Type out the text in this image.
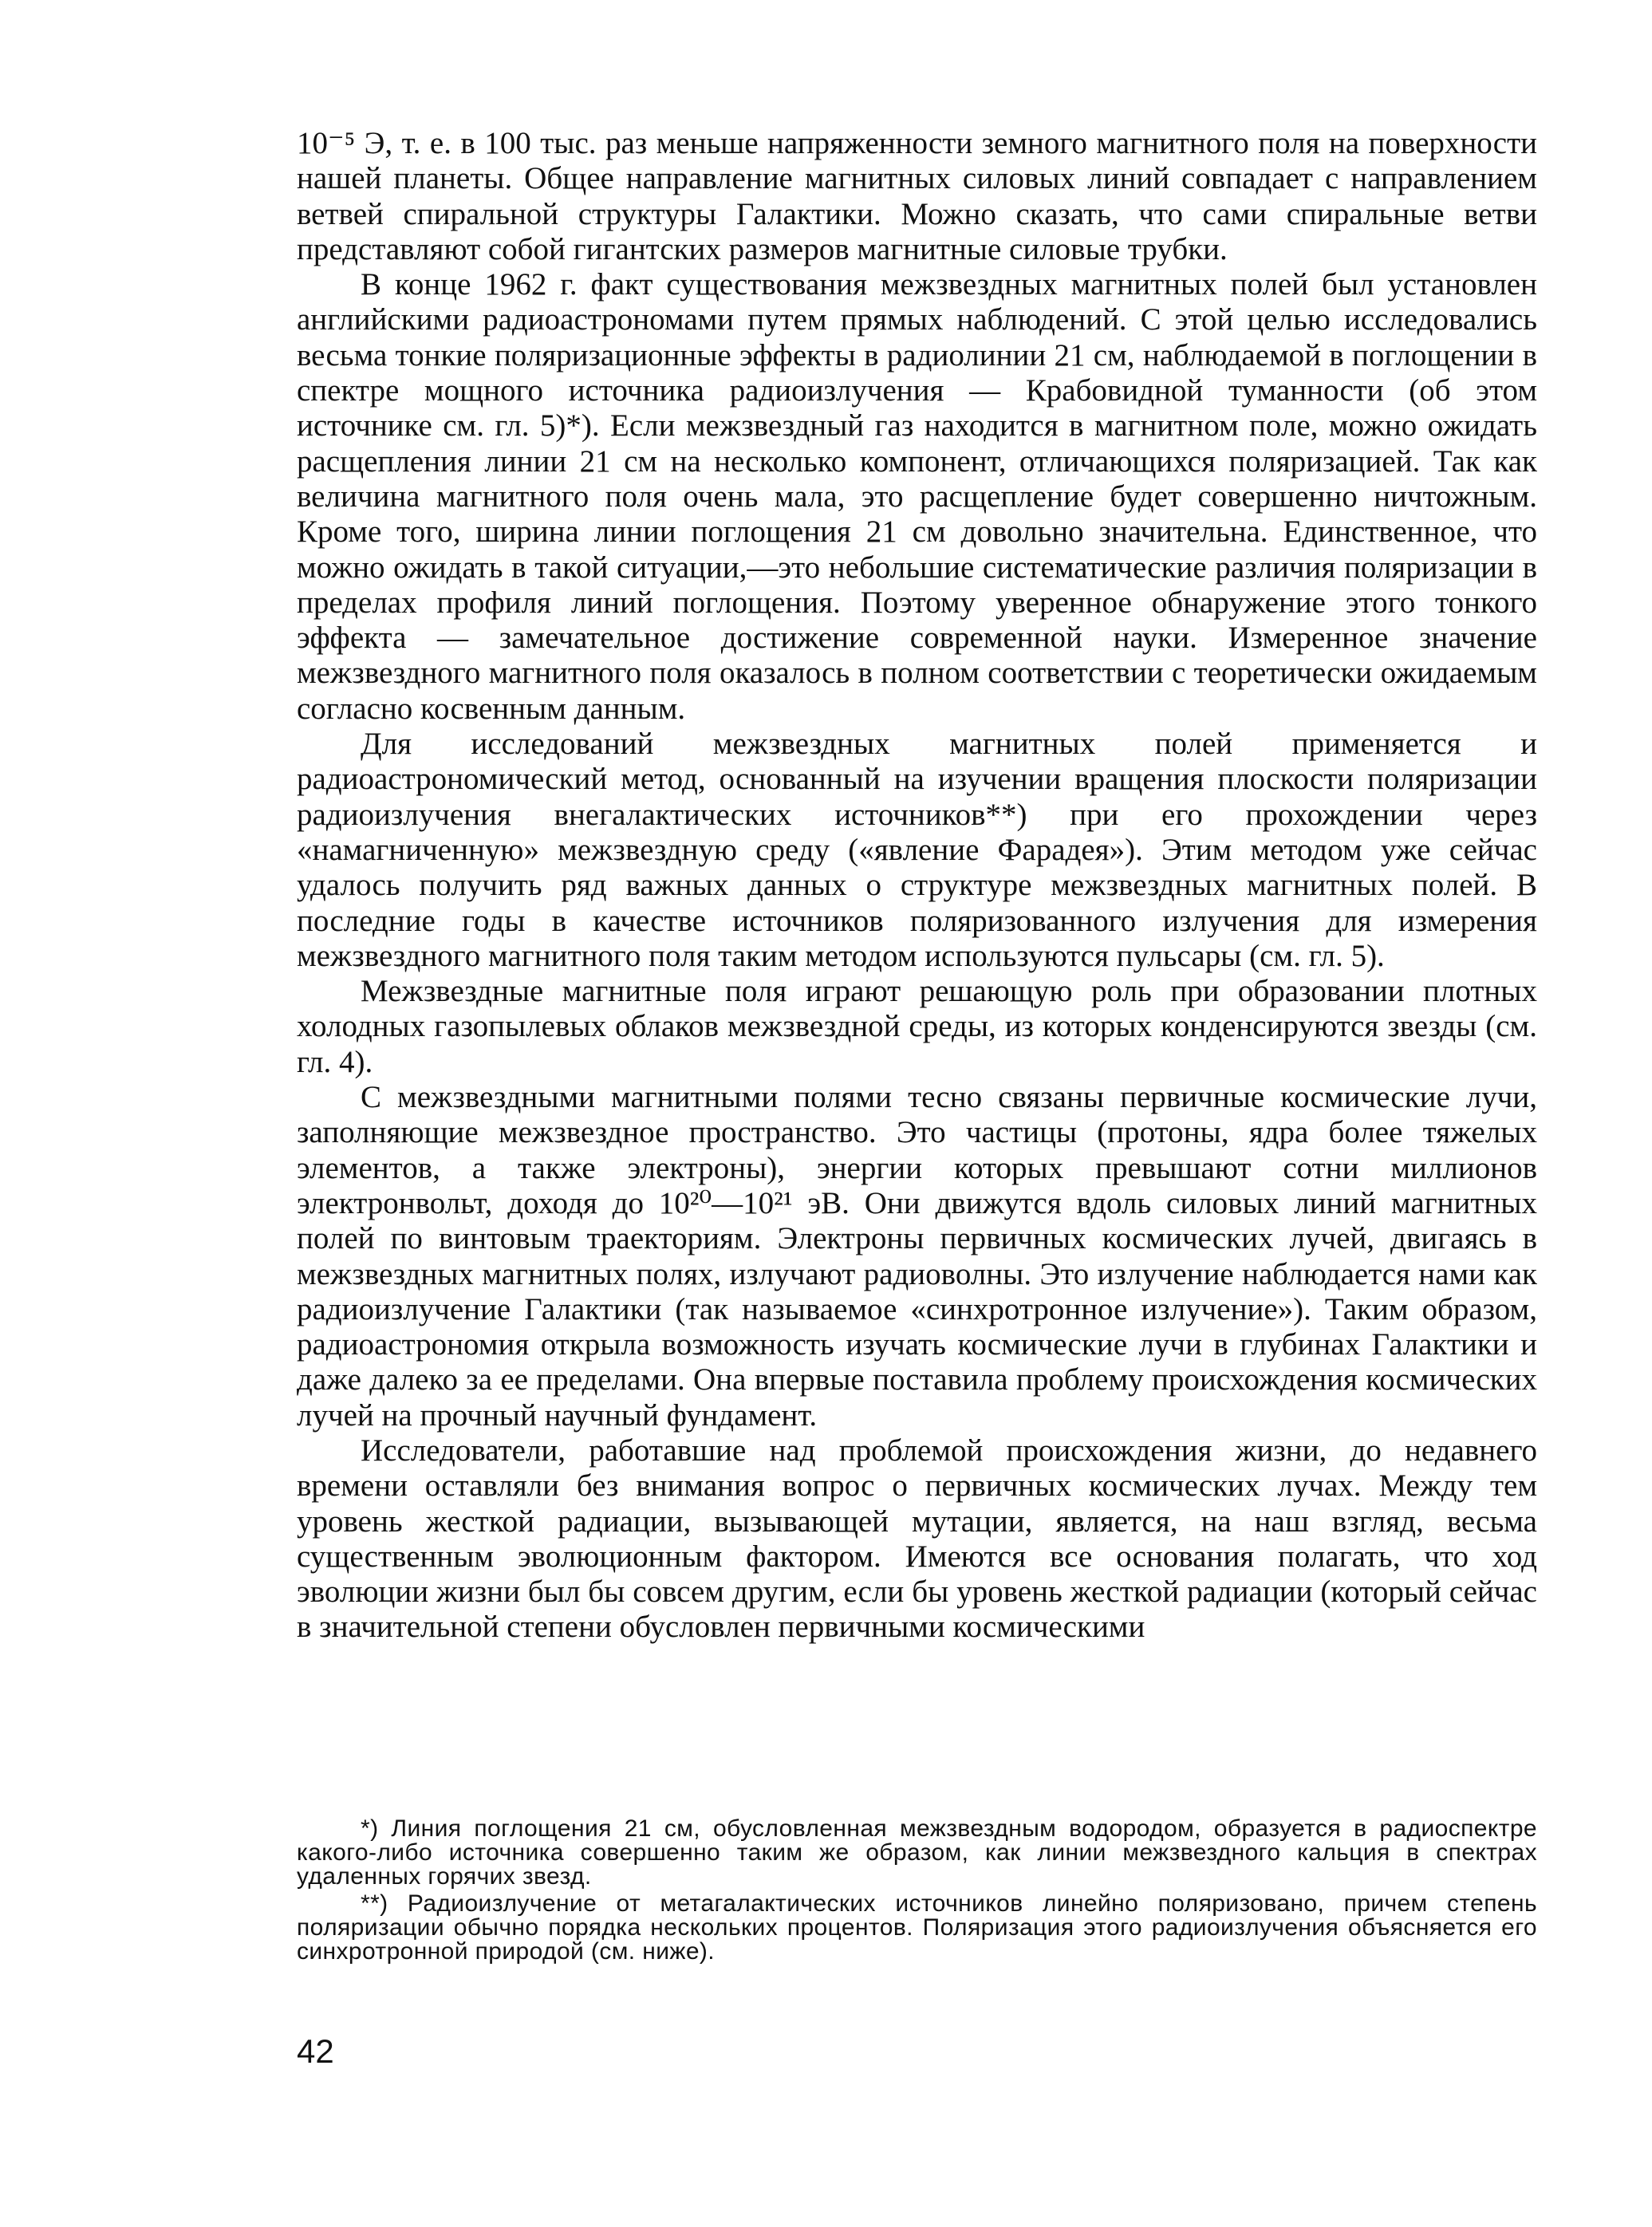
10⁻⁵ Э, т. е. в 100 тыс. раз меньше напряженности земного магнитного поля на поверхности нашей планеты. Общее направление магнитных силовых линий совпадает с направлением ветвей спиральной структуры Галактики. Можно сказать, что сами спиральные ветви представляют собой гигантских размеров магнитные силовые трубки.

В конце 1962 г. факт существования межзвездных магнитных полей был установлен английскими радиоастрономами путем прямых наблюдений. С этой целью исследовались весьма тонкие поляризационные эффекты в радиолинии 21 см, наблюдаемой в поглощении в спектре мощного источника радиоизлучения — Крабовидной туманности (об этом источнике см. гл. 5)*). Если межзвездный газ находится в магнитном поле, можно ожидать расщепления линии 21 см на несколько компонент, отличающихся поляризацией. Так как величина магнитного поля очень мала, это расщепление будет совершенно ничтожным. Кроме того, ширина линии поглощения 21 см довольно значительна. Единственное, что можно ожидать в такой ситуации,—это небольшие систематические различия поляризации в пределах профиля линий поглощения. Поэтому уверенное обнаружение этого тонкого эффекта — замечательное достижение современной науки. Измеренное значение межзвездного магнитного поля оказалось в полном соответствии с теоретически ожидаемым согласно косвенным данным.

Для исследований межзвездных магнитных полей применяется и радиоастрономический метод, основанный на изучении вращения плоскости поляризации радиоизлучения внегалактических источников**) при его прохождении через «намагниченную» межзвездную среду («явление Фарадея»). Этим методом уже сейчас удалось получить ряд важных данных о структуре межзвездных магнитных полей. В последние годы в качестве источников поляризованного излучения для измерения межзвездного магнитного поля таким методом используются пульсары (см. гл. 5).

Межзвездные магнитные поля играют решающую роль при образовании плотных холодных газопылевых облаков межзвездной среды, из которых конденсируются звезды (см. гл. 4).

С межзвездными магнитными полями тесно связаны первичные космические лучи, заполняющие межзвездное пространство. Это частицы (протоны, ядра более тяжелых элементов, а также электроны), энергии которых превышают сотни миллионов электронвольт, доходя до 10²⁰—10²¹ эВ. Они движутся вдоль силовых линий магнитных полей по винтовым траекториям. Электроны первичных космических лучей, двигаясь в межзвездных магнитных полях, излучают радиоволны. Это излучение наблюдается нами как радиоизлучение Галактики (так называемое «синхротронное излучение»). Таким образом, радиоастрономия открыла возможность изучать космические лучи в глубинах Галактики и даже далеко за ее пределами. Она впервые поставила проблему происхождения космических лучей на прочный научный фундамент.

Исследователи, работавшие над проблемой происхождения жизни, до недавнего времени оставляли без внимания вопрос о первичных космических лучах. Между тем уровень жесткой радиации, вызывающей мутации, является, на наш взгляд, весьма существенным эволюционным фактором. Имеются все основания полагать, что ход эволюции жизни был бы совсем другим, если бы уровень жесткой радиации (который сейчас в значительной степени обусловлен первичными космическими

*) Линия поглощения 21 см, обусловленная межзвездным водородом, образуется в радиоспектре какого-либо источника совершенно таким же образом, как линии межзвездного кальция в спектрах удаленных горячих звезд.

**) Радиоизлучение от метагалактических источников линейно поляризовано, причем степень поляризации обычно порядка нескольких процентов. Поляризация этого радиоизлучения объясняется его синхротронной природой (см. ниже).

42
